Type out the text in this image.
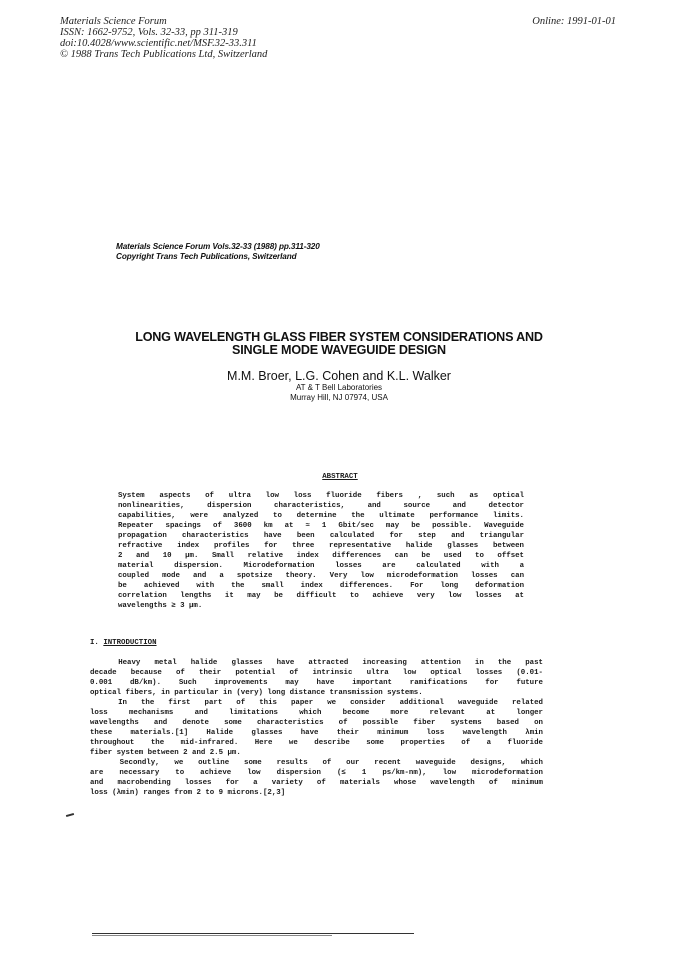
Materials Science Forum
ISSN: 1662-9752, Vols. 32-33, pp 311-319
doi:10.4028/www.scientific.net/MSF.32-33.311
© 1988 Trans Tech Publications Ltd, Switzerland
Online: 1991-01-01
Materials Science Forum Vols.32-33 (1988) pp.311-320
Copyright Trans Tech Publications, Switzerland
LONG WAVELENGTH GLASS FIBER SYSTEM CONSIDERATIONS AND
SINGLE MODE WAVEGUIDE DESIGN
M.M. Broer, L.G. Cohen and K.L. Walker
AT & T Bell Laboratories
Murray Hill, NJ 07974, USA
ABSTRACT
System aspects of ultra low loss fluoride fibers , such as optical
nonlinearities, dispersion characteristics, and source and detector
capabilities, were analyzed to determine the ultimate performance limits.
Repeater spacings of 3600 km at ≈ 1 Gbit/sec may be possible. Waveguide
propagation characteristics have been calculated for step and triangular
refractive index profiles for three representative halide glasses between
2 and 10 µm. Small relative index differences can be used to offset
material dispersion. Microdeformation losses are calculated with a
coupled mode and a spotsize theory. Very low microdeformation losses can
be achieved with the small index differences. For long deformation
correlation lengths it may be difficult to achieve very low losses at
wavelengths ≥ 3 µm.
I. INTRODUCTION
Heavy metal halide glasses have attracted increasing attention in the past
decade because of their potential of intrinsic ultra low optical losses (0.01-
0.001 dB/km). Such improvements may have important ramifications for future
optical fibers, in particular in (very) long distance transmission systems.
In the first part of this paper we consider additional waveguide related
loss mechanisms and limitations which become more relevant at longer
wavelengths and denote some characteristics of possible fiber systems based on
these materials.[1] Halide glasses have their minimum loss wavelength λmin
throughout the mid-infrared. Here we describe some properties of a fluoride
fiber system between 2 and 2.5 µm.
Secondly, we outline some results of our recent waveguide designs, which
are necessary to achieve low dispersion (≤ 1 ps/km-nm), low microdeformation
and macrobending losses for a variety of materials whose wavelength of minimum
loss (λmin) ranges from 2 to 9 microns.[2,3]
